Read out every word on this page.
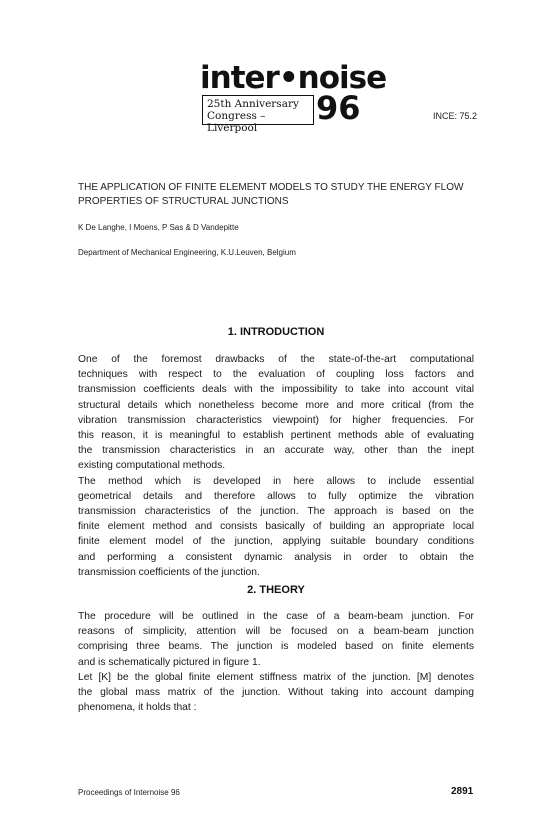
inter•noise
25th Anniversary
Congress – Liverpool
96	INCE: 75.2
THE APPLICATION OF FINITE ELEMENT MODELS TO STUDY THE ENERGY FLOW PROPERTIES OF STRUCTURAL JUNCTIONS
K De Langhe, I Moens, P Sas & D Vandepitte
Department of Mechanical Engineering, K.U.Leuven, Belgium
1. INTRODUCTION

One of the foremost drawbacks of the state-of-the-art computational
techniques with respect to the evaluation of coupling loss factors and
transmission coefficients deals with the impossibility to take into account vital
structural details which nonetheless become more and more critical (from the
vibration transmission characteristics viewpoint) for higher frequencies. For
this reason, it is meaningful to establish pertinent methods able of evaluating
the transmission characteristics in an accurate way, other than the inept
existing computational methods.
The method which is developed in here allows to include essential
geometrical details and therefore allows to fully optimize the vibration
transmission characteristics of the junction. The approach is based on the
finite element method and consists basically of building an appropriate local
finite element model of the junction, applying suitable boundary conditions
and performing a consistent dynamic analysis in order to obtain the
transmission coefficients of the junction.

2. THEORY

The procedure will be outlined in the case of a beam-beam junction. For
reasons of simplicity, attention will be focused on a beam-beam junction
comprising three beams. The junction is modeled based on finite elements
and is schematically pictured in figure 1.
Let [K] be the global finite element stiffness matrix of the junction. [M] denotes
the global mass matrix of the junction. Without taking into account damping
phenomena, it holds that :

Proceedings of Internoise 96	2891
